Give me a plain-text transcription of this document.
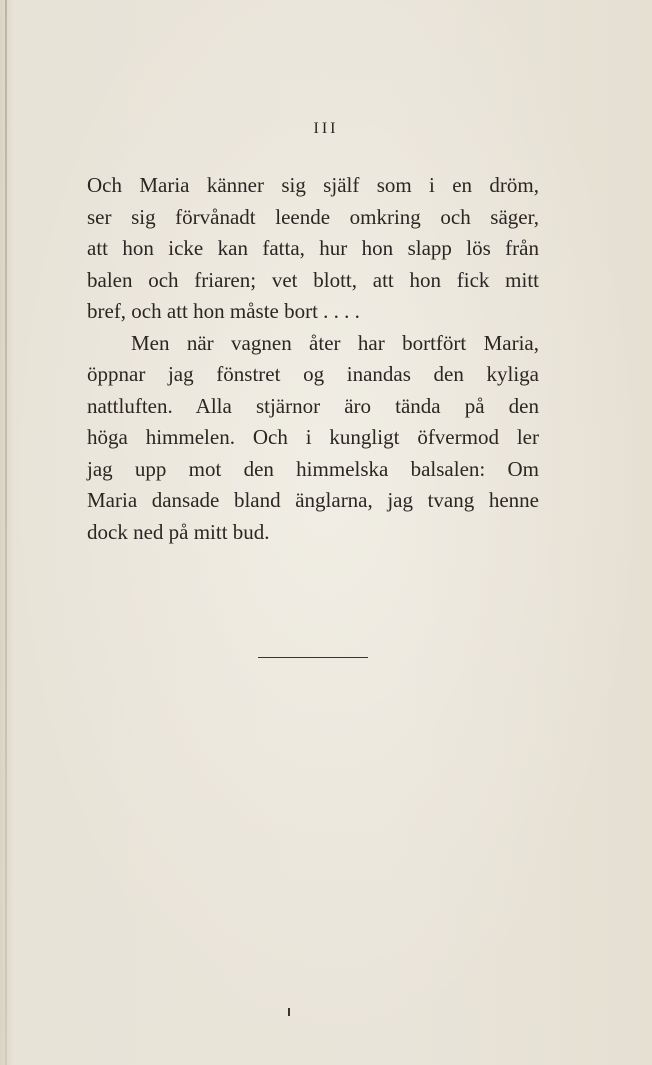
III
Och Maria känner sig själf som i en dröm,
ser sig förvånadt leende omkring och säger,
att hon icke kan fatta, hur hon slapp lös från
balen och friaren; vet blott, att hon fick mitt
bref, och att hon måste bort . . . .
Men när vagnen åter har bortfört Maria,
öppnar jag fönstret og inandas den kyliga
nattluften. Alla stjärnor äro tända på den
höga himmelen. Och i kungligt öfvermod ler
jag upp mot den himmelska balsalen: Om
Maria dansade bland änglarna, jag tvang henne
dock ned på mitt bud.
